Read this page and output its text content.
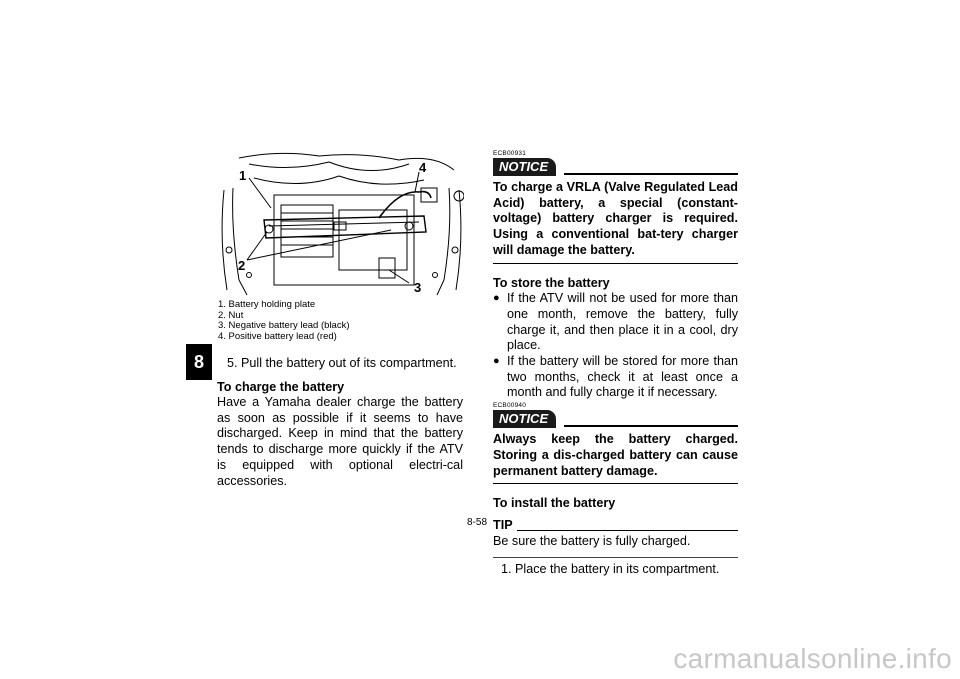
8
1
2
3
4
1. Battery holding plate
2. Nut
3. Negative battery lead (black)
4. Positive battery lead (red)
5. Pull the battery out of its compartment.
To charge the battery
Have a Yamaha dealer charge the battery as soon as possible if it seems to have discharged. Keep in mind that the battery tends to discharge more quickly if the ATV is equipped with optional electri-cal accessories.
ECB00931
NOTICE
To charge a VRLA (Valve Regulated Lead Acid) battery, a special (constant-voltage) battery charger is required. Using a conventional bat-tery charger will damage the battery.
To store the battery
● If the ATV will not be used for more than one month, remove the battery, fully charge it, and then place it in a cool, dry place.
● If the battery will be stored for more than two months, check it at least once a month and fully charge it if necessary.
ECB00940
NOTICE
Always keep the battery charged. Storing a dis-charged battery can cause permanent battery damage.
To install the battery
TIP
Be sure the battery is fully charged.
1. Place the battery in its compartment.
8-58
carmanualsonline.info
